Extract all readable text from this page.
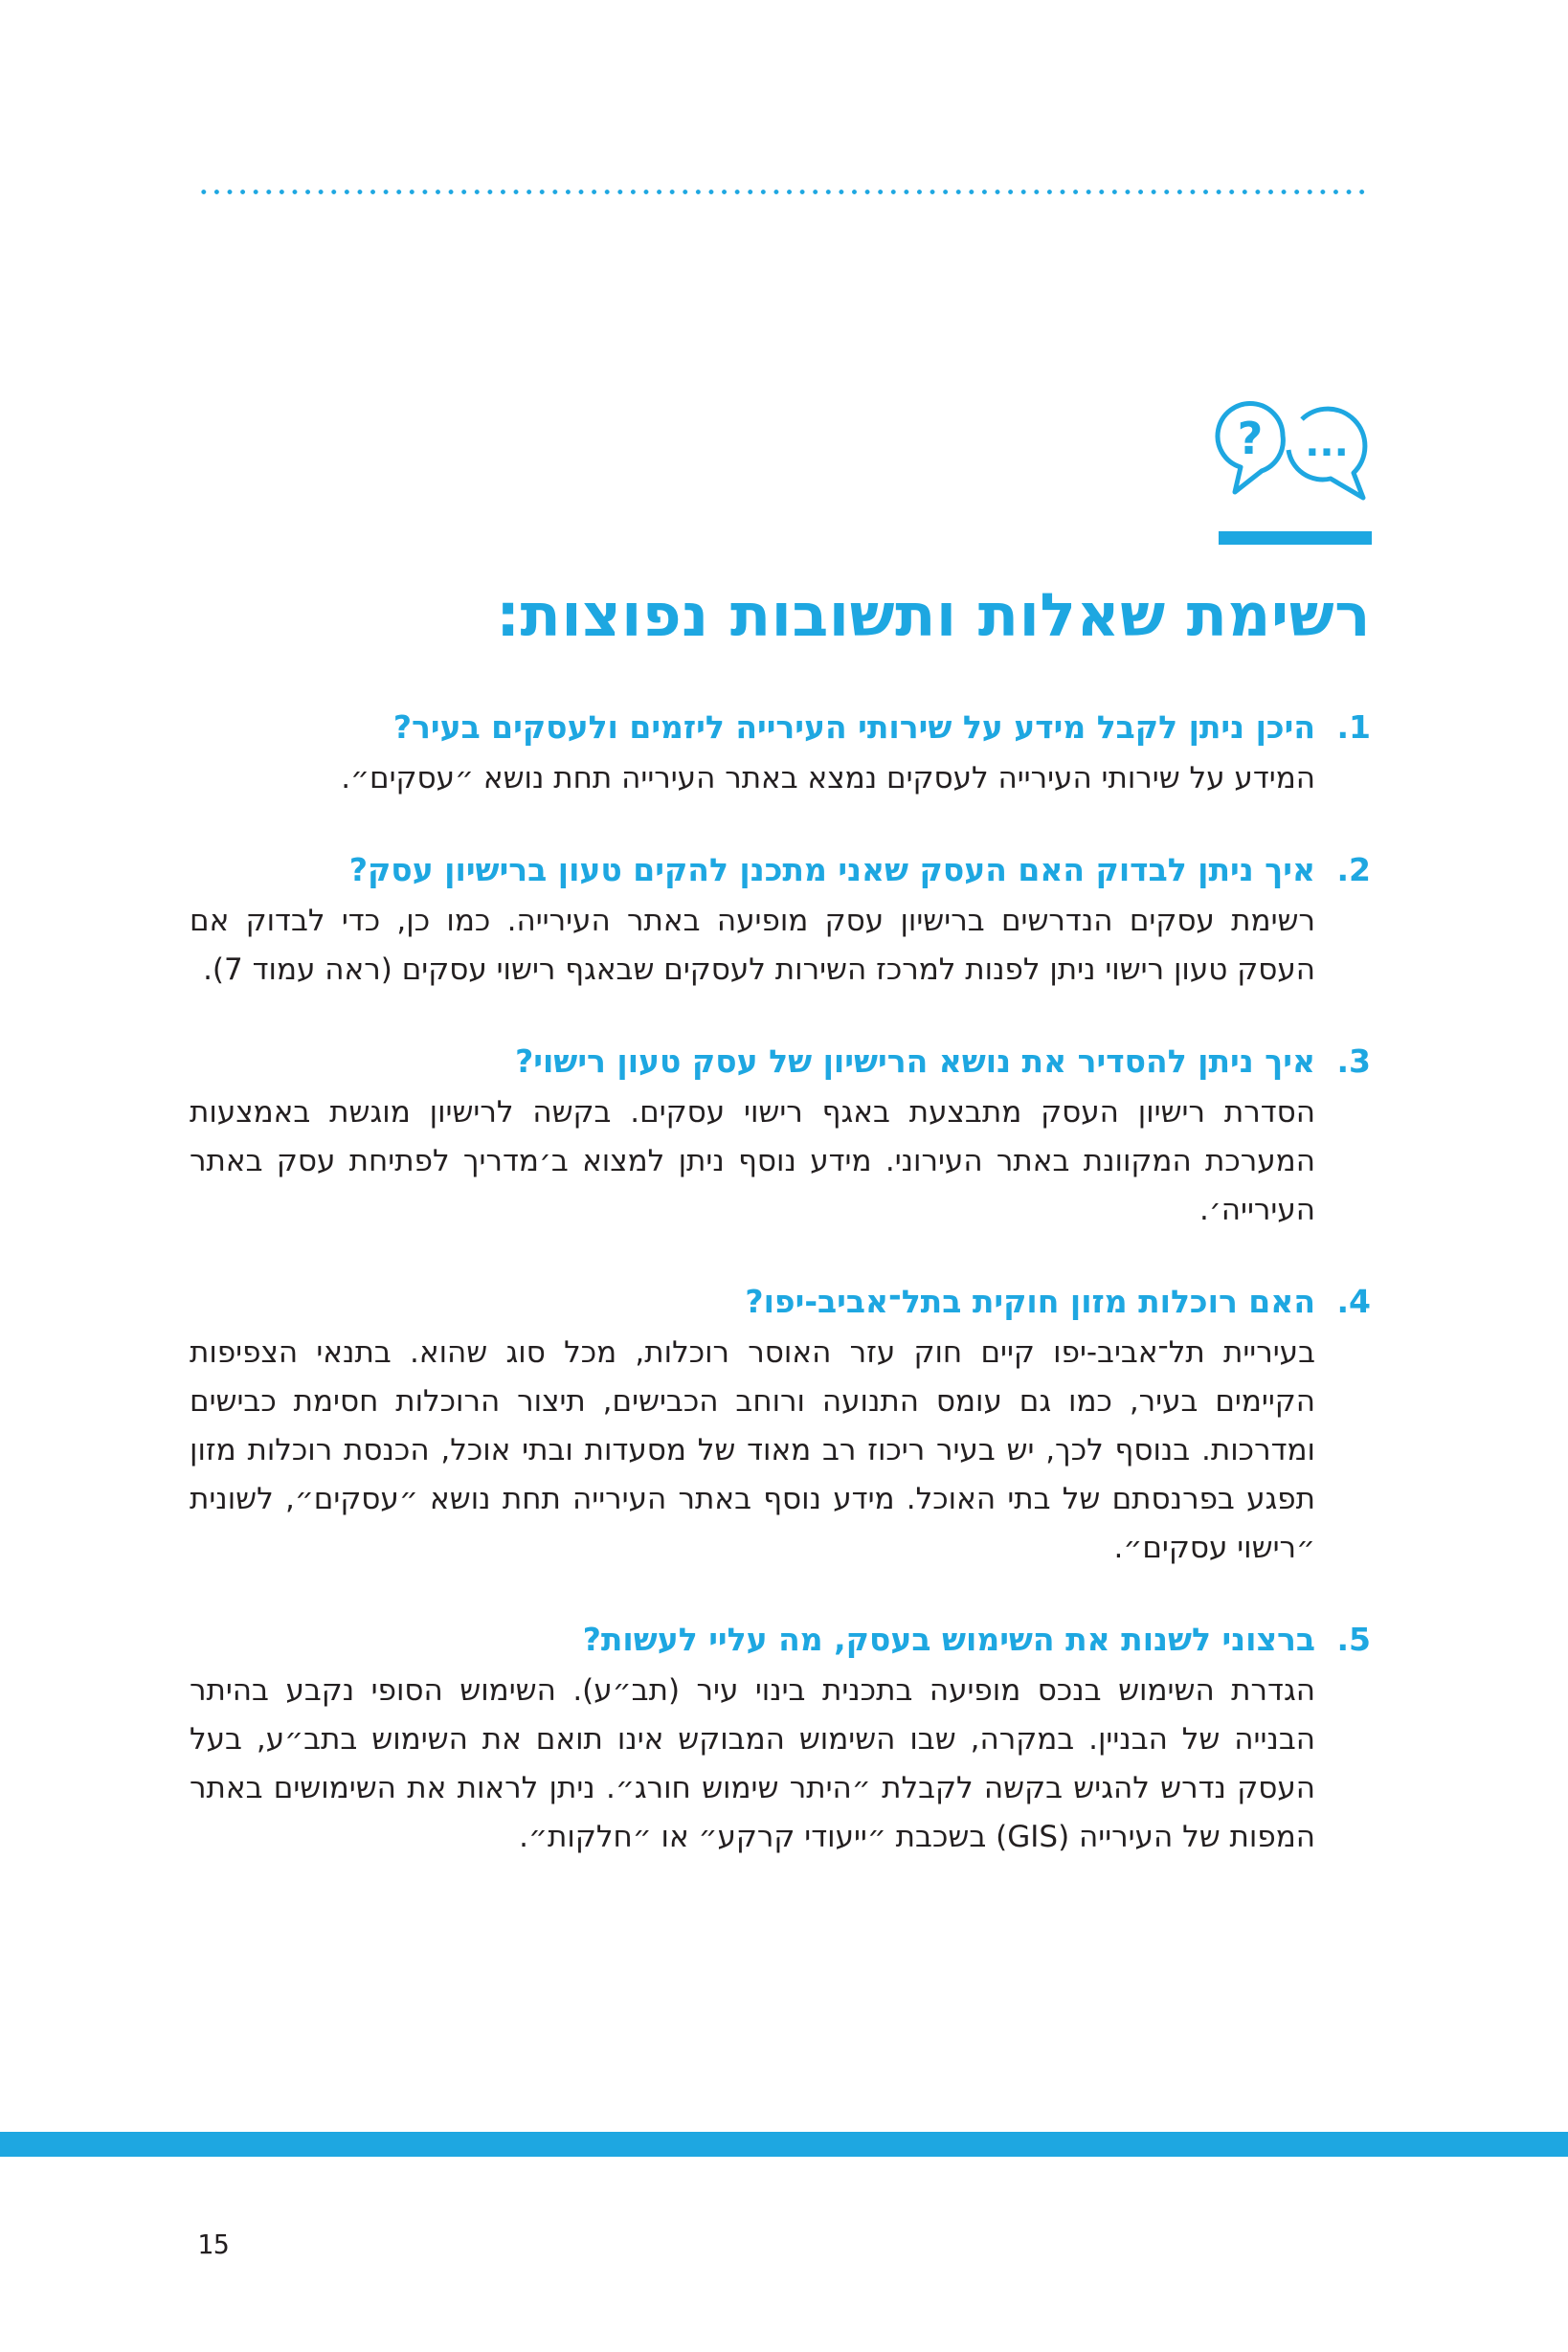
? ...
רשימת שאלות ותשובות נפוצות:
1.
היכן ניתן לקבל מידע על שירותי העירייה ליזמים ולעסקים בעיר?

המידע על שירותי העירייה לעסקים נמצא באתר העירייה תחת נושא ״עסקים״.

2.
איך ניתן לבדוק האם העסק שאני מתכנן להקים טעון ברישיון עסק?

רשימת עסקים הנדרשים ברישיון עסק מופיעה באתר העירייה. כמו כן, כדי לבדוק אם העסק טעון רישוי ניתן לפנות למרכז השירות לעסקים שבאגף רישוי עסקים (ראה עמוד 7).

3.
איך ניתן להסדיר את נושא הרישיון של עסק טעון רישוי?

הסדרת רישיון העסק מתבצעת באגף רישוי עסקים. בקשה לרישיון מוגשת באמצעות המערכת המקוונת באתר העירוני. מידע נוסף ניתן למצוא ב׳מדריך לפתיחת עסק באתר העירייה׳.

4.
האם רוכלות מזון חוקית בתל־אביב-יפו?

בעיריית תל־אביב-יפו קיים חוק עזר האוסר רוכלות, מכל סוג שהוא. בתנאי הצפיפות הקיימים בעיר, כמו גם עומס התנועה ורוחב הכבישים, תיצור הרוכלות חסימת כבישים ומדרכות. בנוסף לכך, יש בעיר ריכוז רב מאוד של מסעדות ובתי אוכל, הכנסת רוכלות מזון תפגע בפרנסתם של בתי האוכל. מידע נוסף באתר העירייה תחת נושא ״עסקים״, לשונית ״רישוי עסקים״.

5.
ברצוני לשנות את השימוש בעסק, מה עליי לעשות?

הגדרת השימוש בנכס מופיעה בתכנית בינוי עיר (תב״ע). השימוש הסופי נקבע בהיתר הבנייה של הבניין. במקרה, שבו השימוש המבוקש אינו תואם את השימוש בתב״ע, בעל העסק נדרש להגיש בקשה לקבלת ״היתר שימוש חורג״. ניתן לראות את השימושים באתר המפות של העירייה (GIS) בשכבת ״ייעודי קרקע״ או ״חלקות״.

15
